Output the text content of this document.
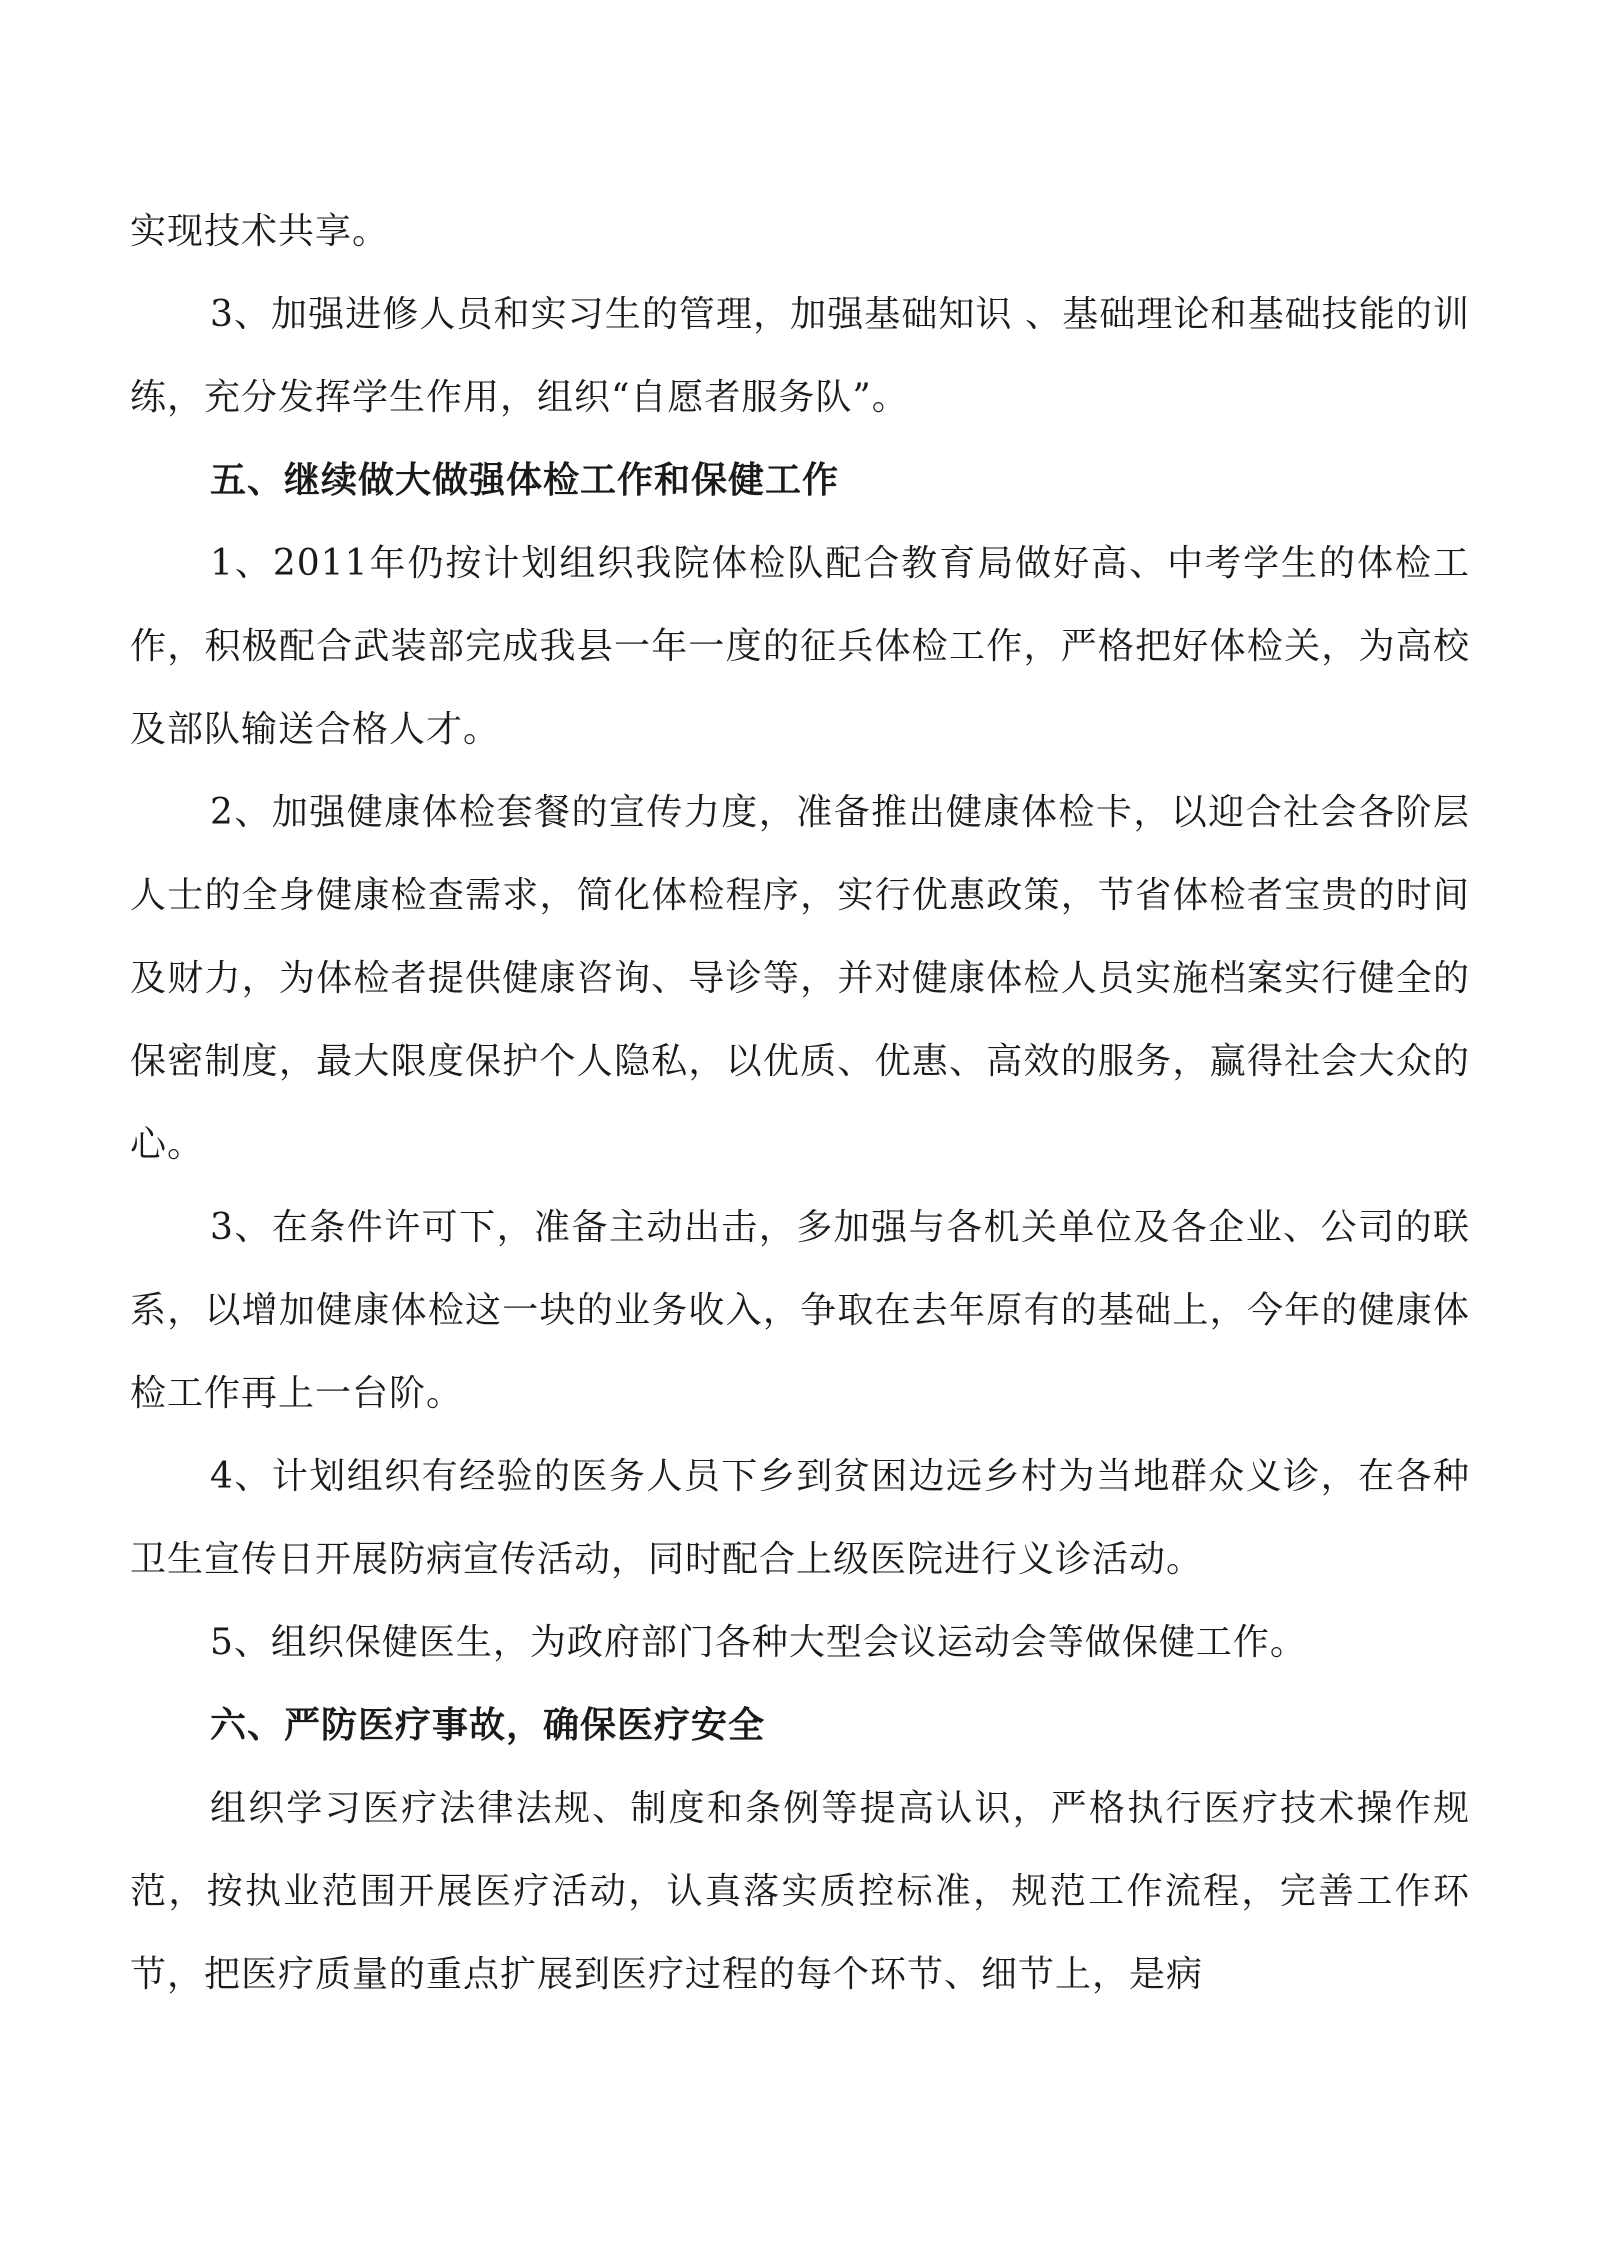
实现技术共享。

3、加强进修人员和实习生的管理，加强基础知识 、基础理论和基础技能的训练，充分发挥学生作用，组织“自愿者服务队”。

五、继续做大做强体检工作和保健工作

1、2011年仍按计划组织我院体检队配合教育局做好高、中考学生的体检工作，积极配合武装部完成我县一年一度的征兵体检工作，严格把好体检关，为高校及部队输送合格人才。

2、加强健康体检套餐的宣传力度，准备推出健康体检卡，以迎合社会各阶层人士的全身健康检查需求，简化体检程序，实行优惠政策，节省体检者宝贵的时间及财力，为体检者提供健康咨询、导诊等，并对健康体检人员实施档案实行健全的保密制度，最大限度保护个人隐私，以优质、优惠、高效的服务，赢得社会大众的心。

3、在条件许可下，准备主动出击，多加强与各机关单位及各企业、公司的联系，以增加健康体检这一块的业务收入，争取在去年原有的基础上，今年的健康体检工作再上一台阶。

4、计划组织有经验的医务人员下乡到贫困边远乡村为当地群众义诊，在各种卫生宣传日开展防病宣传活动，同时配合上级医院进行义诊活动。

5、组织保健医生，为政府部门各种大型会议运动会等做保健工作。

六、严防医疗事故，确保医疗安全

组织学习医疗法律法规、制度和条例等提高认识，严格执行医疗技术操作规范，按执业范围开展医疗活动，认真落实质控标准，规范工作流程，完善工作环节，把医疗质量的重点扩展到医疗过程的每个环节、细节上，是病
